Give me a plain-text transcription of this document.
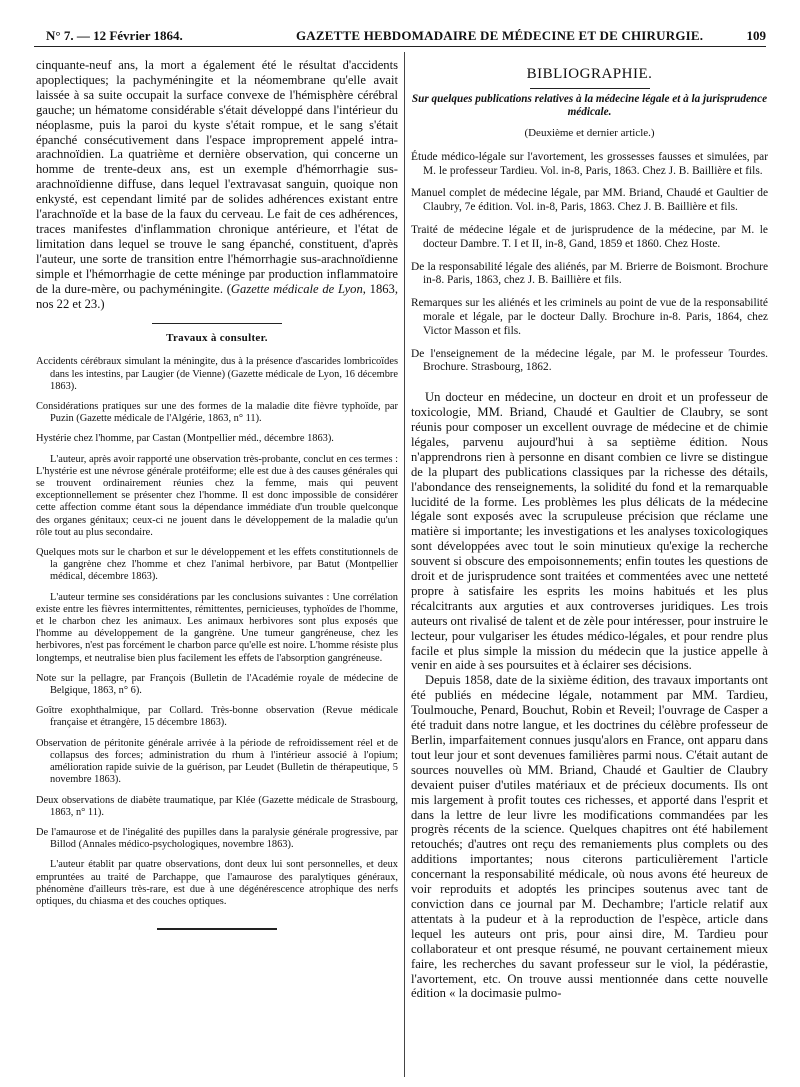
N° 7. — 12 Février 1864.	GAZETTE HEBDOMADAIRE DE MÉDECINE ET DE CHIRURGIE.	109

cinquante-neuf ans, la mort a également été le résultat d'accidents apoplectiques; la pachyméningite et la néomembrane qu'elle avait laissée à sa suite occupait la surface convexe de l'hémisphère cérébral gauche; un hématome considérable s'était développé dans l'intérieur du néoplasme, puis la paroi du kyste s'était rompue, et le sang s'était épanché consécutivement dans l'espace improprement appelé intra-arachnoïdien. La quatrième et dernière observation, qui concerne un homme de trente-deux ans, est un exemple d'hémorrhagie sus-arachnoïdienne diffuse, dans lequel l'extravasat sanguin, quoique non enkysté, est cependant limité par de solides adhérences existant entre l'arachnoïde et la base de la faux du cerveau. Le fait de ces adhérences, traces manifestes d'inflammation chronique antérieure, et l'état de limitation dans lequel se trouve le sang épanché, constituent, d'après l'auteur, une sorte de transition entre l'hémorrhagie sus-arachnoïdienne simple et l'hémorrhagie de cette méninge par production inflammatoire de la dure-mère, ou pachyméningite. (Gazette médicale de Lyon, 1863, nos 22 et 23.)

Travaux à consulter.

Accidents cérébraux simulant la méningite, dus à la présence d'ascarides lombricoïdes dans les intestins, par Laugier (de Vienne) (Gazette médicale de Lyon, 16 décembre 1863).

Considérations pratiques sur une des formes de la maladie dite fièvre typhoïde, par Puzin (Gazette médicale de l'Algérie, 1863, n° 11).

Hystérie chez l'homme, par Castan (Montpellier méd., décembre 1863).

L'auteur, après avoir rapporté une observation très-probante, conclut en ces termes : L'hystérie est une névrose générale protéiforme; elle est due à des causes générales qui se trouvent ordinairement réunies chez la femme, mais qui peuvent exceptionnellement se présenter chez l'homme. Il est donc impossible de considérer cette affection comme étant sous la dépendance immédiate d'un trouble quelconque des organes génitaux; ceux-ci ne jouent dans le développement de la maladie qu'un rôle tout au plus secondaire.

Quelques mots sur le charbon et sur le développement et les effets constitutionnels de la gangrène chez l'homme et chez l'animal herbivore, par Batut (Montpellier médical, décembre 1863).

L'auteur termine ses considérations par les conclusions suivantes : Une corrélation existe entre les fièvres intermittentes, rémittentes, pernicieuses, typhoïdes de l'homme, et le charbon chez les animaux. Les animaux herbivores sont plus exposés que l'homme au développement de la gangrène. Une tumeur gangréneuse, chez les herbivores, n'est pas forcément le charbon parce qu'elle est noire. L'homme résiste plus longtemps, et neutralise bien plus facilement les effets de l'absorption gangréneuse.

Note sur la pellagre, par François (Bulletin de l'Académie royale de médecine de Belgique, 1863, n° 6).

Goître exophthalmique, par Collard. Très-bonne observation (Revue médicale française et étrangère, 15 décembre 1863).

Observation de péritonite générale arrivée à la période de refroidissement réel et de collapsus des forces; administration du rhum à l'intérieur associé à l'opium; amélioration rapide suivie de la guérison, par Leudet (Bulletin de thérapeutique, 5 novembre 1863).

Deux observations de diabète traumatique, par Klée (Gazette médicale de Strasbourg, 1863, n° 11).

De l'amaurose et de l'inégalité des pupilles dans la paralysie générale progressive, par Billod (Annales médico-psychologiques, novembre 1863).

L'auteur établit par quatre observations, dont deux lui sont personnelles, et deux empruntées au traité de Parchappe, que l'amaurose des paralytiques généraux, phénomène d'ailleurs très-rare, est due à une dégénérescence atrophique des nerfs optiques, du chiasma et des couches optiques.

BIBLIOGRAPHIE.
Sur quelques publications relatives à la médecine légale et à la jurisprudence médicale.
(Deuxième et dernier article.)

Étude médico-légale sur l'avortement, les grossesses fausses et simulées, par M. le professeur Tardieu. Vol. in-8, Paris, 1863. Chez J. B. Baillière et fils.

Manuel complet de médecine légale, par MM. Briand, Chaudé et Gaultier de Claubry, 7e édition. Vol. in-8, Paris, 1863. Chez J. B. Baillière et fils.

Traité de médecine légale et de jurisprudence de la médecine, par M. le docteur Dambre. T. I et II, in-8, Gand, 1859 et 1860. Chez Hoste.

De la responsabilité légale des aliénés, par M. Brierre de Boismont. Brochure in-8. Paris, 1863, chez J. B. Baillière et fils.

Remarques sur les aliénés et les criminels au point de vue de la responsabilité morale et légale, par le docteur Dally. Brochure in-8. Paris, 1864, chez Victor Masson et fils.

De l'enseignement de la médecine légale, par M. le professeur Tourdes. Brochure. Strasbourg, 1862.

Un docteur en médecine, un docteur en droit et un professeur de toxicologie, MM. Briand, Chaudé et Gaultier de Claubry, se sont réunis pour composer un excellent ouvrage de médecine et de chimie légales, parvenu aujourd'hui à sa septième édition. Nous n'apprendrons rien à personne en disant combien ce livre se distingue de la plupart des publications classiques par la richesse des détails, l'abondance des renseignements, la solidité du fond et la remarquable lucidité de la forme. Les problèmes les plus délicats de la médecine légale sont exposés avec la scrupuleuse précision que réclame une matière si importante; les investigations et les analyses toxicologiques sont développées avec tout le soin minutieux qu'exige la recherche souvent si obscure des empoisonnements; enfin toutes les questions de droit et de jurisprudence sont traitées et commentées avec une netteté propre à satisfaire les esprits les moins habitués et les plus récalcitrants aux arguties et aux controverses juridiques. Les trois auteurs ont rivalisé de talent et de zèle pour intéresser, pour instruire le lecteur, pour vulgariser les études médico-légales, et pour rendre plus facile et plus simple la mission du médecin que la justice appelle à venir en aide à ses poursuites et à éclairer ses décisions.

Depuis 1858, date de la sixième édition, des travaux importants ont été publiés en médecine légale, notamment par MM. Tardieu, Toulmouche, Penard, Bouchut, Robin et Reveil; l'ouvrage de Casper a été traduit dans notre langue, et les doctrines du célèbre professeur de Berlin, imparfaitement connues jusqu'alors en France, ont apparu dans tout leur jour et sont devenues familières parmi nous. C'était autant de sources nouvelles où MM. Briand, Chaudé et Gaultier de Claubry devaient puiser d'utiles matériaux et de précieux documents. Ils ont mis largement à profit toutes ces richesses, et apporté dans l'esprit et dans la lettre de leur livre les modifications commandées par les progrès récents de la science. Quelques chapitres ont été habilement retouchés; d'autres ont reçu des remaniements plus complets ou des additions importantes; nous citerons particulièrement l'article concernant la responsabilité médicale, où nous avons été heureux de voir reproduits et adoptés les principes soutenus avec tant de conviction dans ce journal par M. Dechambre; l'article relatif aux attentats à la pudeur et à la reproduction de l'espèce, article dans lequel les auteurs ont pris, pour ainsi dire, M. Tardieu pour collaborateur et ont presque résumé, ne pouvant certainement mieux faire, les recherches du savant professeur sur le viol, la pédérastie, l'avortement, etc. On trouve aussi mentionnée dans cette nouvelle édition « la docimasie pulmo-
